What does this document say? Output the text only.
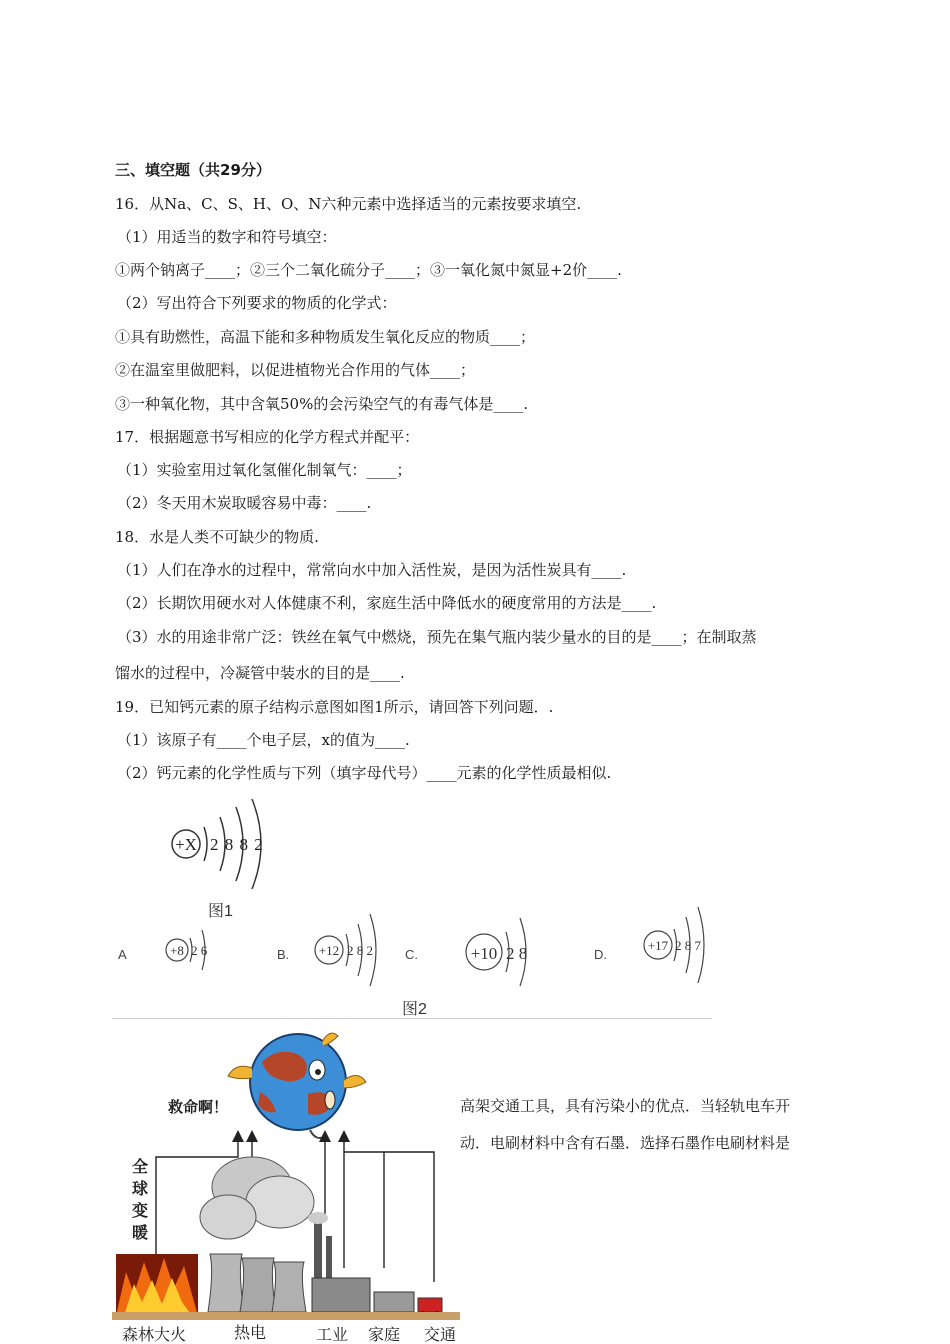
三、填空题（共29分）
16．从Na、C、S、H、O、N六种元素中选择适当的元素按要求填空.
（1）用适当的数字和符号填空：
①两个钠离子____；②三个二氧化硫分子____；③一氧化氮中氮显+2价____.
（2）写出符合下列要求的物质的化学式：
①具有助燃性，高温下能和多种物质发生氧化反应的物质____；
②在温室里做肥料，以促进植物光合作用的气体____；
③一种氧化物，其中含氧50%的会污染空气的有毒气体是____.
17．根据题意书写相应的化学方程式并配平：
（1）实验室用过氧化氢催化制氧气：____；
（2）冬天用木炭取暖容易中毒：____.
18．水是人类不可缺少的物质.
（1）人们在净水的过程中，常常向水中加入活性炭，是因为活性炭具有____.
（2）长期饮用硬水对人体健康不利，家庭生活中降低水的硬度常用的方法是____.
（3）水的用途非常广泛：铁丝在氧气中燃烧，预先在集气瓶内装少量水的目的是____；在制取蒸
馏水的过程中，冷凝管中装水的目的是____.
19．已知钙元素的原子结构示意图如图1所示，请回答下列问题．.
（1）该原子有____个电子层，x的值为____.
（2）钙元素的化学性质与下列（填字母代号）____元素的化学性质最相似.
+X 2 8 8 2
图1
A	+8 2 6	B. +12 2 8 2 C.	+10 2 8	D.
+17 2 8 7
图2
救命啊！
全 球 变 暖
森林大火	热电	工业 家庭 交通
高架交通工具，具有污染小的优点．当轻轨电车开
动．电刷材料中含有石墨．选择石墨作电刷材料是
